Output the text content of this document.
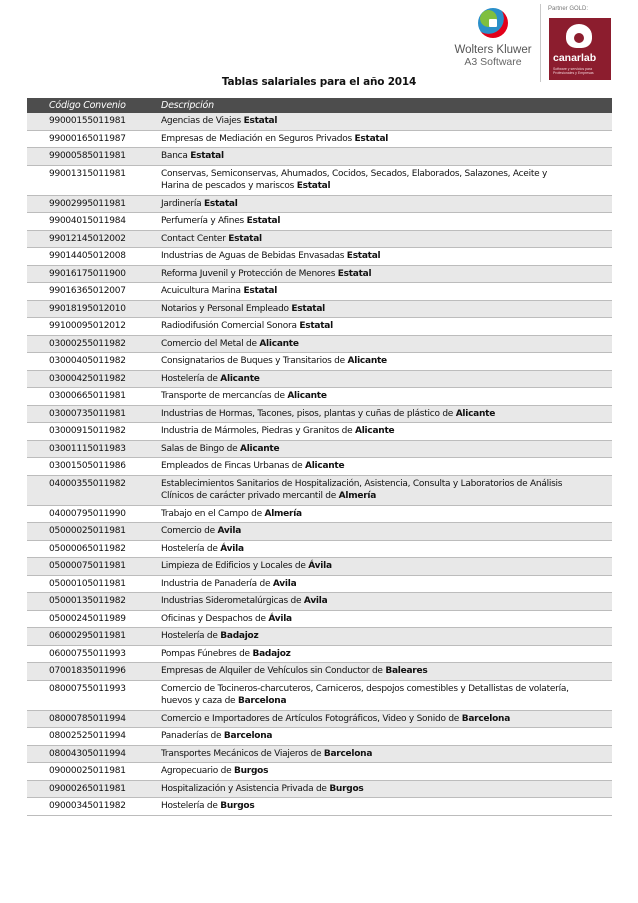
Wolters Kluwer
A3 Software
Partner GOLD:
canarlab
Software y servicios para Profesionales y Empresas
Tablas salariales para el año 2014
Código Convenio	Descripción
99000155011981	Agencias de Viajes Estatal
99000165011987	Empresas de Mediación en Seguros Privados Estatal
99000585011981	Banca Estatal
99001315011981	Conservas, Semiconservas, Ahumados, Cocidos, Secados, Elaborados, Salazones, Aceite y Harina de pescados y mariscos Estatal
99002995011981	Jardinería Estatal
99004015011984	Perfumería y Afines Estatal
99012145012002	Contact Center Estatal
99014405012008	Industrias de Aguas de Bebidas Envasadas Estatal
99016175011900	Reforma Juvenil y Protección de Menores Estatal
99016365012007	Acuicultura Marina Estatal
99018195012010	Notarios y Personal Empleado Estatal
99100095012012	Radiodifusión Comercial Sonora Estatal
03000255011982	Comercio del Metal de Alicante
03000405011982	Consignatarios de Buques y Transitarios de Alicante
03000425011982	Hostelería de Alicante
03000665011981	Transporte de mercancías de Alicante
03000735011981	Industrias de Hormas, Tacones, pisos, plantas y cuñas de plástico de Alicante
03000915011982	Industria de Mármoles, Piedras y Granitos de Alicante
03001115011983	Salas de Bingo de Alicante
03001505011986	Empleados de Fincas Urbanas de Alicante
04000355011982	Establecimientos Sanitarios de Hospitalización, Asistencia, Consulta y Laboratorios de Análisis Clínicos de carácter privado mercantil de Almería
04000795011990	Trabajo en el Campo de Almería
05000025011981	Comercio de Avila
05000065011982	Hostelería de Ávila
05000075011981	Limpieza de Edificios y Locales de Ávila
05000105011981	Industria de Panadería de Avila
05000135011982	Industrias Siderometalúrgicas de Avila
05000245011989	Oficinas y Despachos de Ávila
06000295011981	Hostelería de Badajoz
06000755011993	Pompas Fúnebres de Badajoz
07001835011996	Empresas de Alquiler de Vehículos sin Conductor de Baleares
08000755011993	Comercio de Tocineros-charcuteros, Carniceros, despojos comestibles y Detallistas de volatería, huevos y caza de Barcelona
08000785011994	Comercio e Importadores de Artículos Fotográficos, Video y Sonido de Barcelona
08002525011994	Panaderías de Barcelona
08004305011994	Transportes Mecánicos de Viajeros de Barcelona
09000025011981	Agropecuario de Burgos
09000265011981	Hospitalización y Asistencia Privada de Burgos
09000345011982	Hostelería de Burgos
